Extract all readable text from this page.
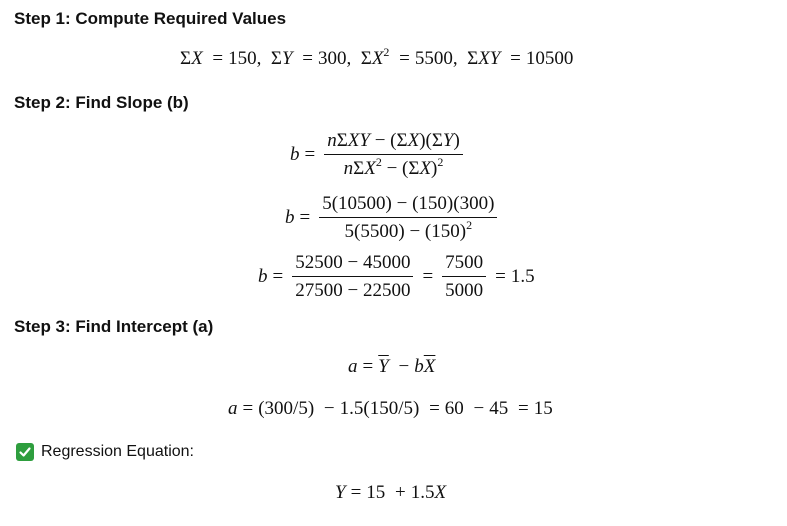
Step 1: Compute Required Values
ΣX = 150,  ΣY = 300,  $\Sigma X^2 = 5500$,  ΣXY = 10500
Step 2: Find Slope (b)
$b = \frac{\text{nΣXY − (ΣX)(ΣY)}}{n\Sigma X^2 - (\Sigma X)^2}$
$b = \frac{5(10500) - (150)(300)}{5(5500) - (150)^2}$
$b = \frac{52500 - 45000}{27500 - 22500} = \frac{7500}{5000} = 1.5$
Step 3: Find Intercept (a)
$a = \overline{Y} - b\overline{X}$
a = (300/5) − 1.5(150/5) = 60 − 45 = 15
Regression Equation:
Y = 15 + 1.5X
